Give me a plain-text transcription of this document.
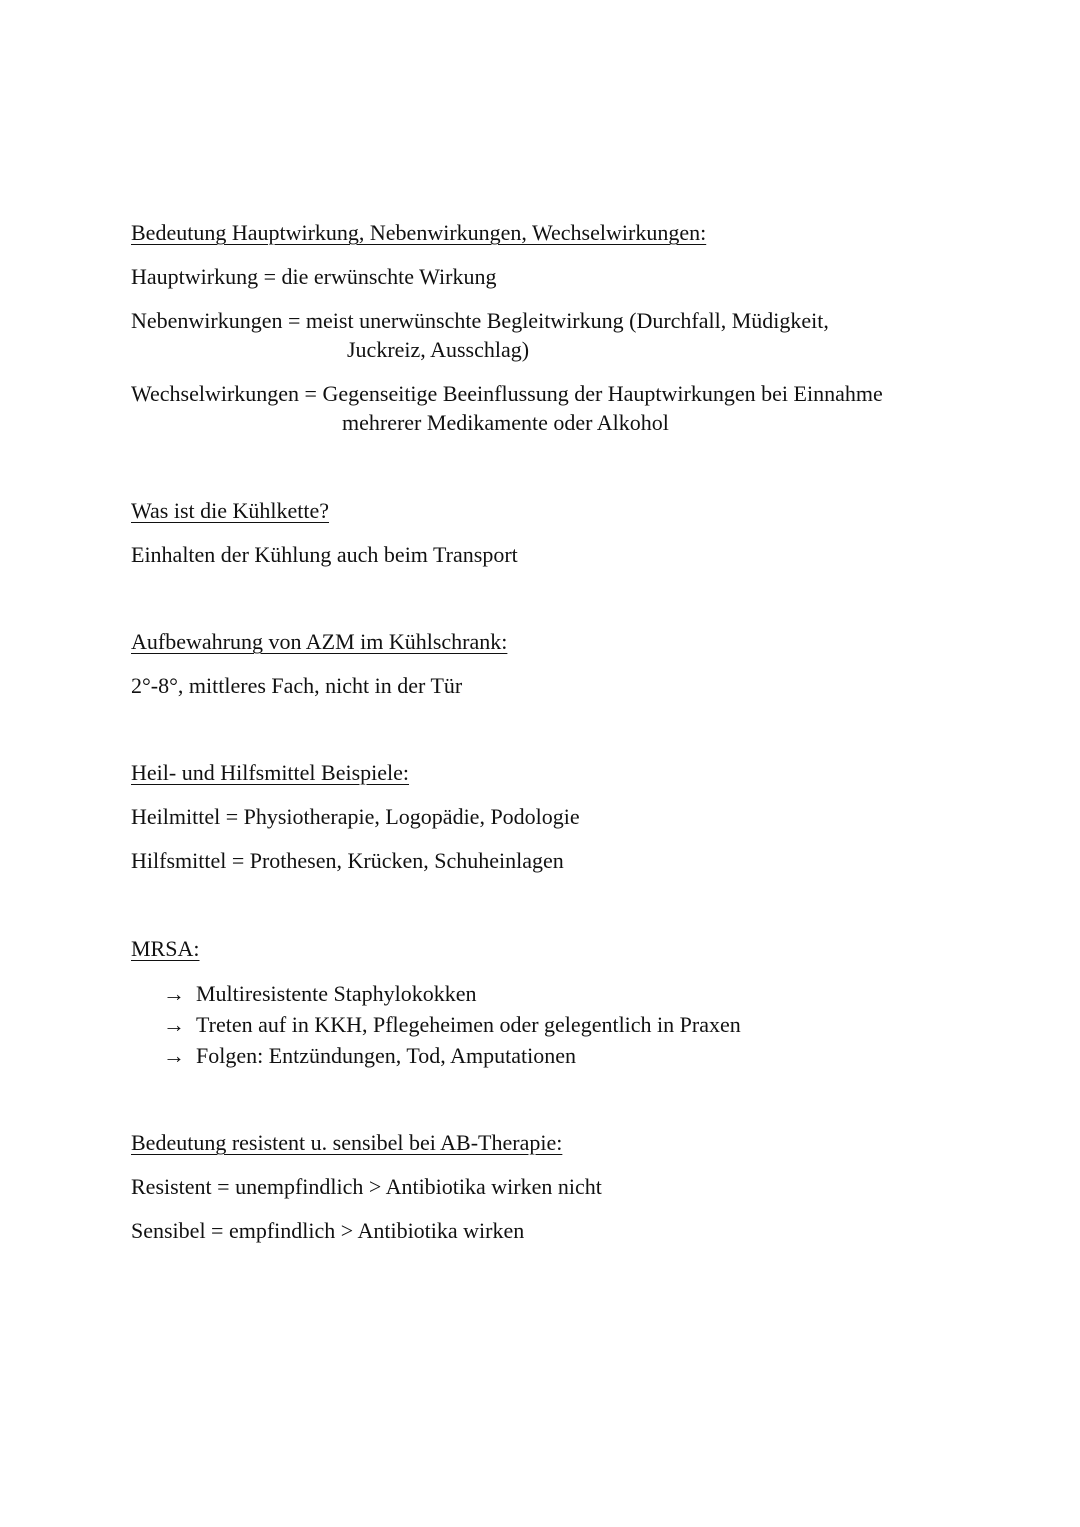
Bedeutung Hauptwirkung, Nebenwirkungen, Wechselwirkungen:
Hauptwirkung = die erwünschte Wirkung
Nebenwirkungen = meist unerwünschte Begleitwirkung (Durchfall, Müdigkeit,
Juckreiz, Ausschlag)
Wechselwirkungen = Gegenseitige Beeinflussung der Hauptwirkungen bei Einnahme
mehrerer Medikamente oder Alkohol
Was ist die Kühlkette?
Einhalten der Kühlung auch beim Transport
Aufbewahrung von AZM im Kühlschrank:
2°-8°, mittleres Fach, nicht in der Tür
Heil- und Hilfsmittel Beispiele:
Heilmittel = Physiotherapie, Logopädie, Podologie
Hilfsmittel = Prothesen, Krücken, Schuheinlagen
MRSA:
→ Multiresistente Staphylokokken
→ Treten auf in KKH, Pflegeheimen oder gelegentlich in Praxen
→ Folgen: Entzündungen, Tod, Amputationen
Bedeutung resistent u. sensibel bei AB-Therapie:
Resistent = unempfindlich > Antibiotika wirken nicht
Sensibel = empfindlich > Antibiotika wirken
